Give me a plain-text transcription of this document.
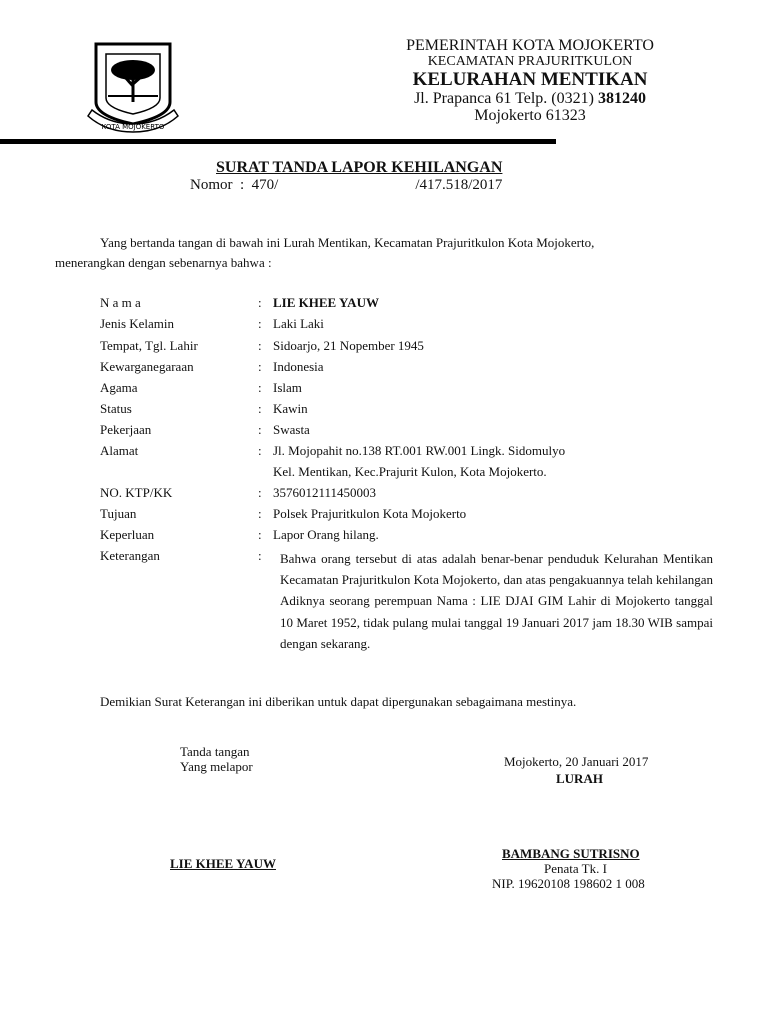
KOTA MOJOKERTO
PEMERINTAH KOTA MOJOKERTO
KECAMATAN PRAJURITKULON
KELURAHAN MENTIKAN
Jl. Prapanca 61 Telp. (0321) 381240
Mojokerto 61323
SURAT TANDA LAPOR KEHILANGAN
Nomor  :  470/	/417.518/2017
Yang bertanda tangan di bawah ini Lurah Mentikan, Kecamatan Prajuritkulon Kota Mojokerto,
menerangkan dengan sebenarnya bahwa :
N a m a	: LIE KHEE YAUW
Jenis Kelamin	: Laki Laki
Tempat, Tgl. Lahir	: Sidoarjo, 21 Nopember 1945
Kewarganegaraan	: Indonesia
Agama	: Islam
Status	: Kawin
Pekerjaan	: Swasta
Alamat	: Jl. Mojopahit no.138 RT.001 RW.001 Lingk. Sidomulyo
Kel. Mentikan, Kec.Prajurit Kulon, Kota Mojokerto.
NO. KTP/KK	: 3576012111450003
Tujuan	: Polsek Prajuritkulon Kota Mojokerto
Keperluan	: Lapor Orang hilang.
Keterangan	:	Bahwa orang tersebut di atas adalah benar-benar penduduk Kelurahan Mentikan Kecamatan Prajuritkulon Kota Mojokerto, dan atas pengakuannya telah kehilangan Adiknya seorang perempuan Nama : LIE DJAI GIM Lahir di Mojokerto tanggal 10 Maret 1952, tidak pulang mulai tanggal 19 Januari 2017 jam 18.30 WIB sampai dengan sekarang.
Demikian Surat Keterangan ini diberikan untuk dapat dipergunakan sebagaimana mestinya.
Tanda tangan
Yang melapor
LIE KHEE YAUW
Mojokerto, 20 Januari 2017
LURAH
BAMBANG SUTRISNO
Penata Tk. I
NIP. 19620108 198602 1 008
